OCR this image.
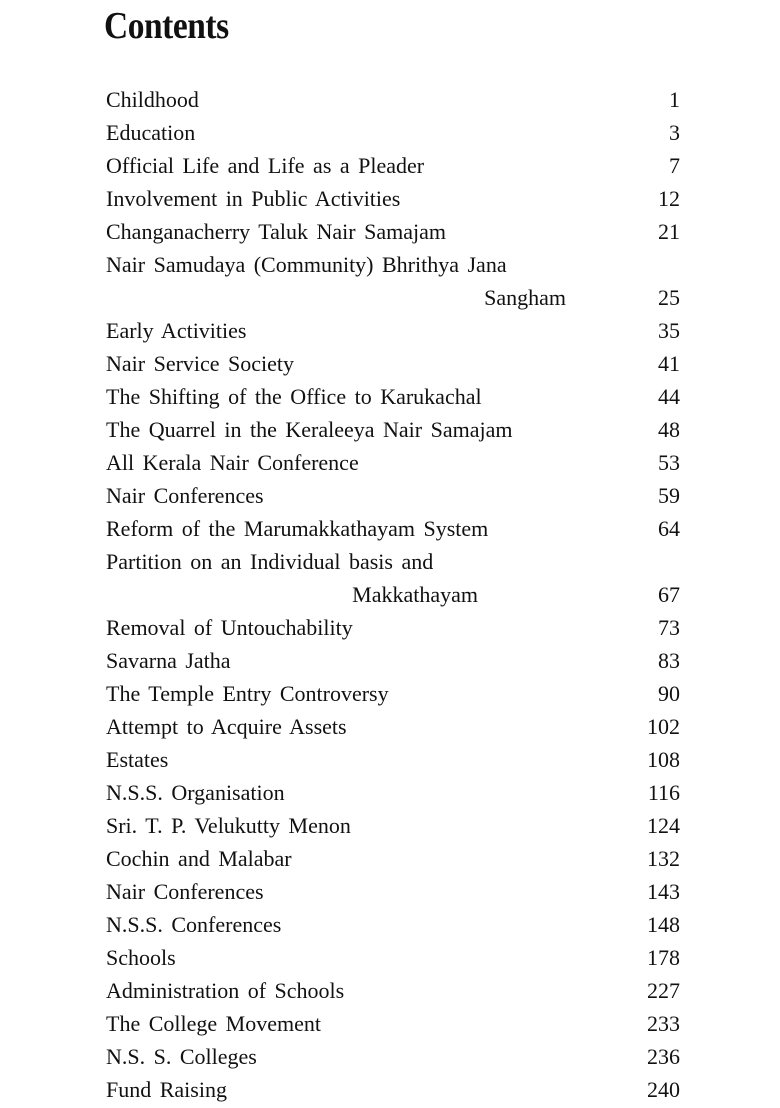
Contents
Childhood	1
Education	3
Official Life and Life as a Pleader	7
Involvement in Public Activities	12
Changanacherry Taluk Nair Samajam	21
Nair Samudaya (Community) Bhrithya Jana
Sangham	25
Early Activities	35
Nair Service Society	41
The Shifting of the Office to Karukachal	44
The Quarrel in the Keraleeya Nair Samajam	48
All Kerala Nair Conference	53
Nair Conferences	59
Reform of the Marumakkathayam System	64
Partition on an Individual basis and
Makkathayam	67
Removal of Untouchability	73
Savarna Jatha	83
The Temple Entry Controversy	90
Attempt to Acquire Assets	102
Estates	108
N.S.S. Organisation	116
Sri. T. P. Velukutty Menon	124
Cochin and Malabar	132
Nair Conferences	143
N.S.S. Conferences	148
Schools	178
Administration of Schools	227
The College Movement	233
N.S. S. Colleges	236
Fund Raising	240
